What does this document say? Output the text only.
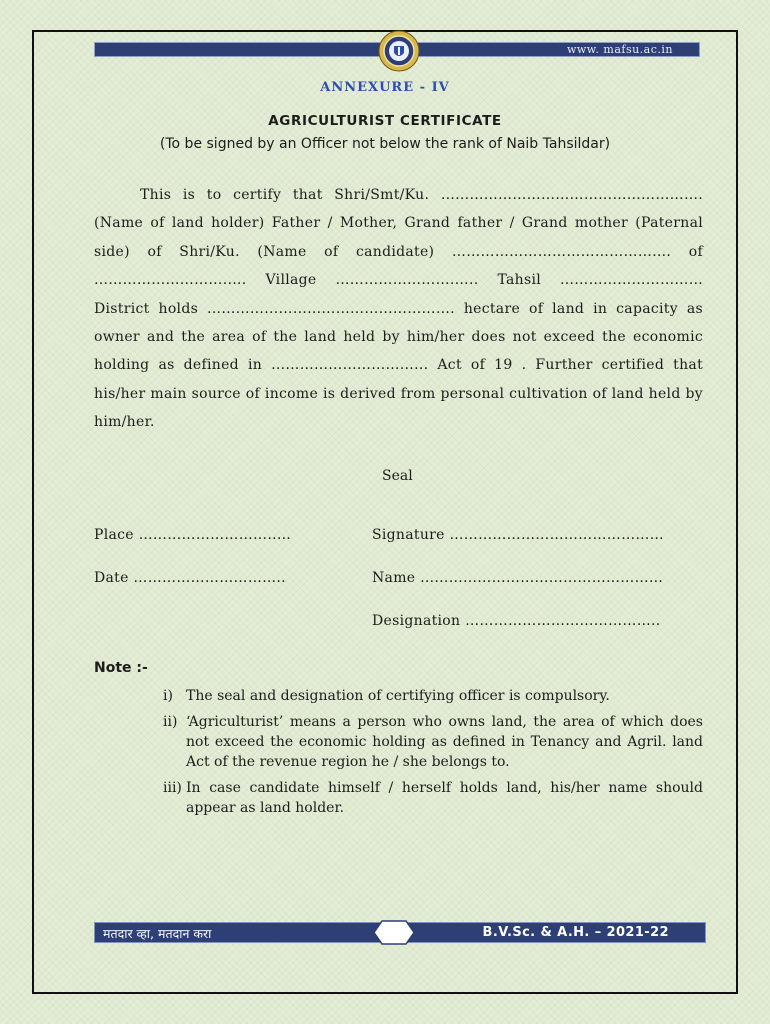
www. mafsu.ac.in
ANNEXURE - IV
AGRICULTURIST CERTIFICATE
(To be signed by an Officer not below the rank of Naib Tahsildar)

This is to certify that Shri/Smt/Ku. ………………………………………………. (Name of land holder) Father / Mother, Grand father / Grand mother (Paternal side) of Shri/Ku. (Name of candidate) ………………………………………. of ……………………….…. Village …………………….….. Tahsil ………………………… District holds ……………………………………………. hectare of land in capacity as owner and the area of the land held by him/her does not exceed the economic holding as defined in …………………………... Act of 19 . Further certified that his/her main source of income is derived from personal cultivation of land held by him/her.

Seal
Place ………………………..…	Signature ………………………………………
Date …………………………..	Name ……………………………………………
Designation …………………………………..
Note :-
i) The seal and designation of certifying officer is compulsory.
ii) ‘Agriculturist’ means a person who owns land, the area of which does not exceed the economic holding as defined in Tenancy and Agril. land Act of the revenue region he / she belongs to.
iii) In case candidate himself / herself holds land, his/her name should appear as land holder.
मतदार व्हा, मतदान करा	B.V.Sc. & A.H. – 2021-22
